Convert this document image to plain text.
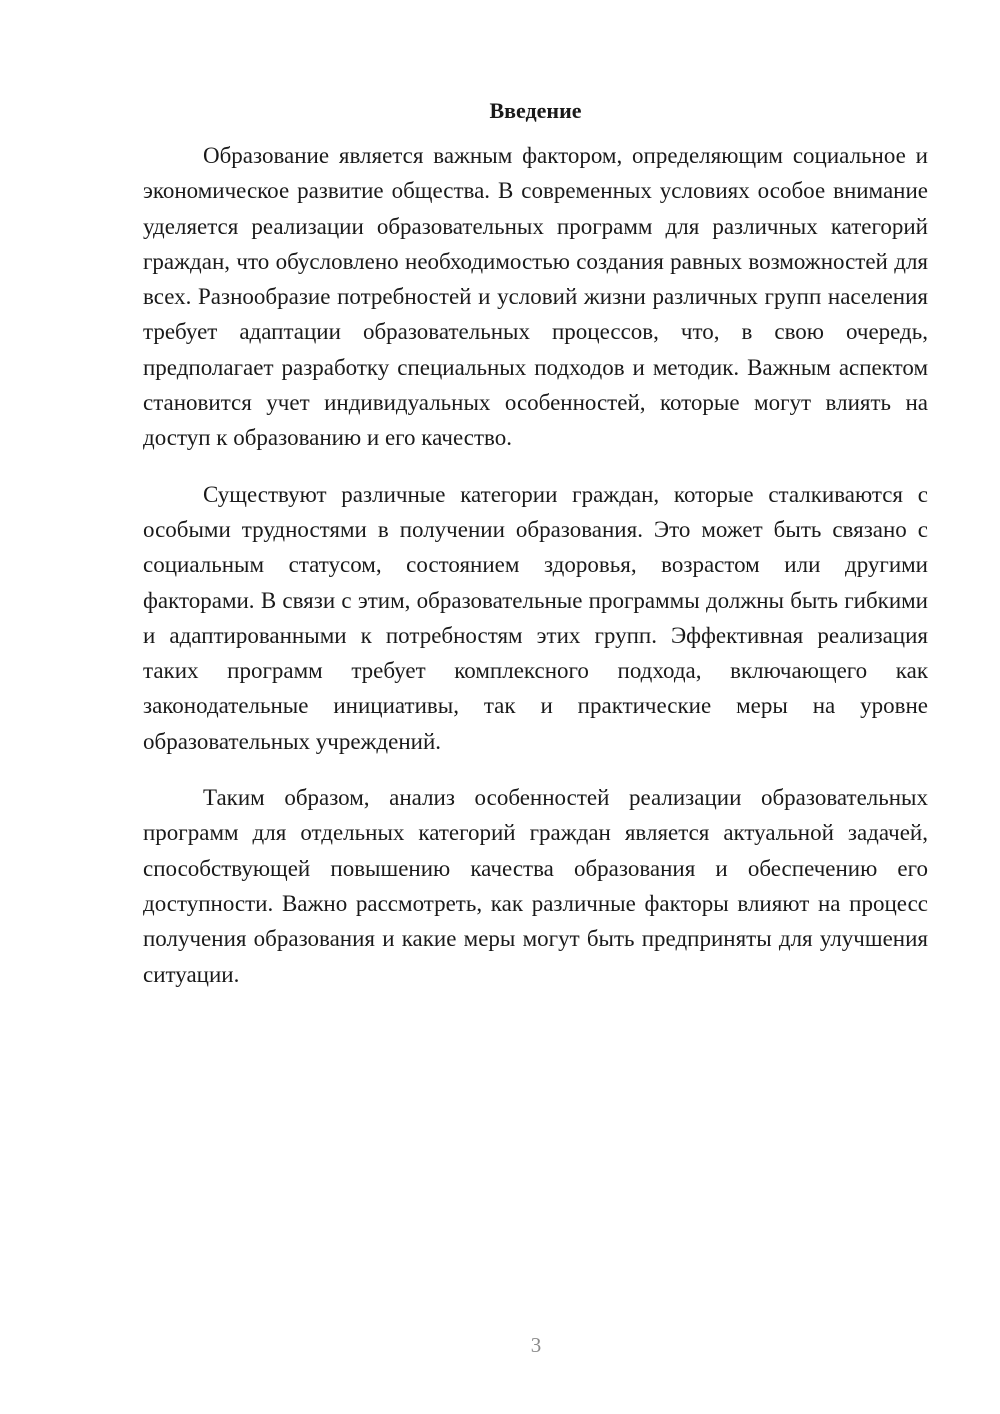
Введение

Образование является важным фактором, определяющим социальное и экономическое развитие общества. В современных условиях особое внимание уделяется реализации образовательных программ для различных категорий граждан, что обусловлено необходимостью создания равных возможностей для всех. Разнообразие потребностей и условий жизни различных групп населения требует адаптации образовательных процессов, что, в свою очередь, предполагает разработку специальных подходов и методик. Важным аспектом становится учет индивидуальных особенностей, которые могут влиять на доступ к образованию и его качество.

Существуют различные категории граждан, которые сталкиваются с особыми трудностями в получении образования. Это может быть связано с социальным статусом, состоянием здоровья, возрастом или другими факторами. В связи с этим, образовательные программы должны быть гибкими и адаптированными к потребностям этих групп. Эффективная реализация таких программ требует комплексного подхода, включающего как законодательные инициативы, так и практические меры на уровне образовательных учреждений.

Таким образом, анализ особенностей реализации образовательных программ для отдельных категорий граждан является актуальной задачей, способствующей повышению качества образования и обеспечению его доступности. Важно рассмотреть, как различные факторы влияют на процесс получения образования и какие меры могут быть предприняты для улучшения ситуации.

3
